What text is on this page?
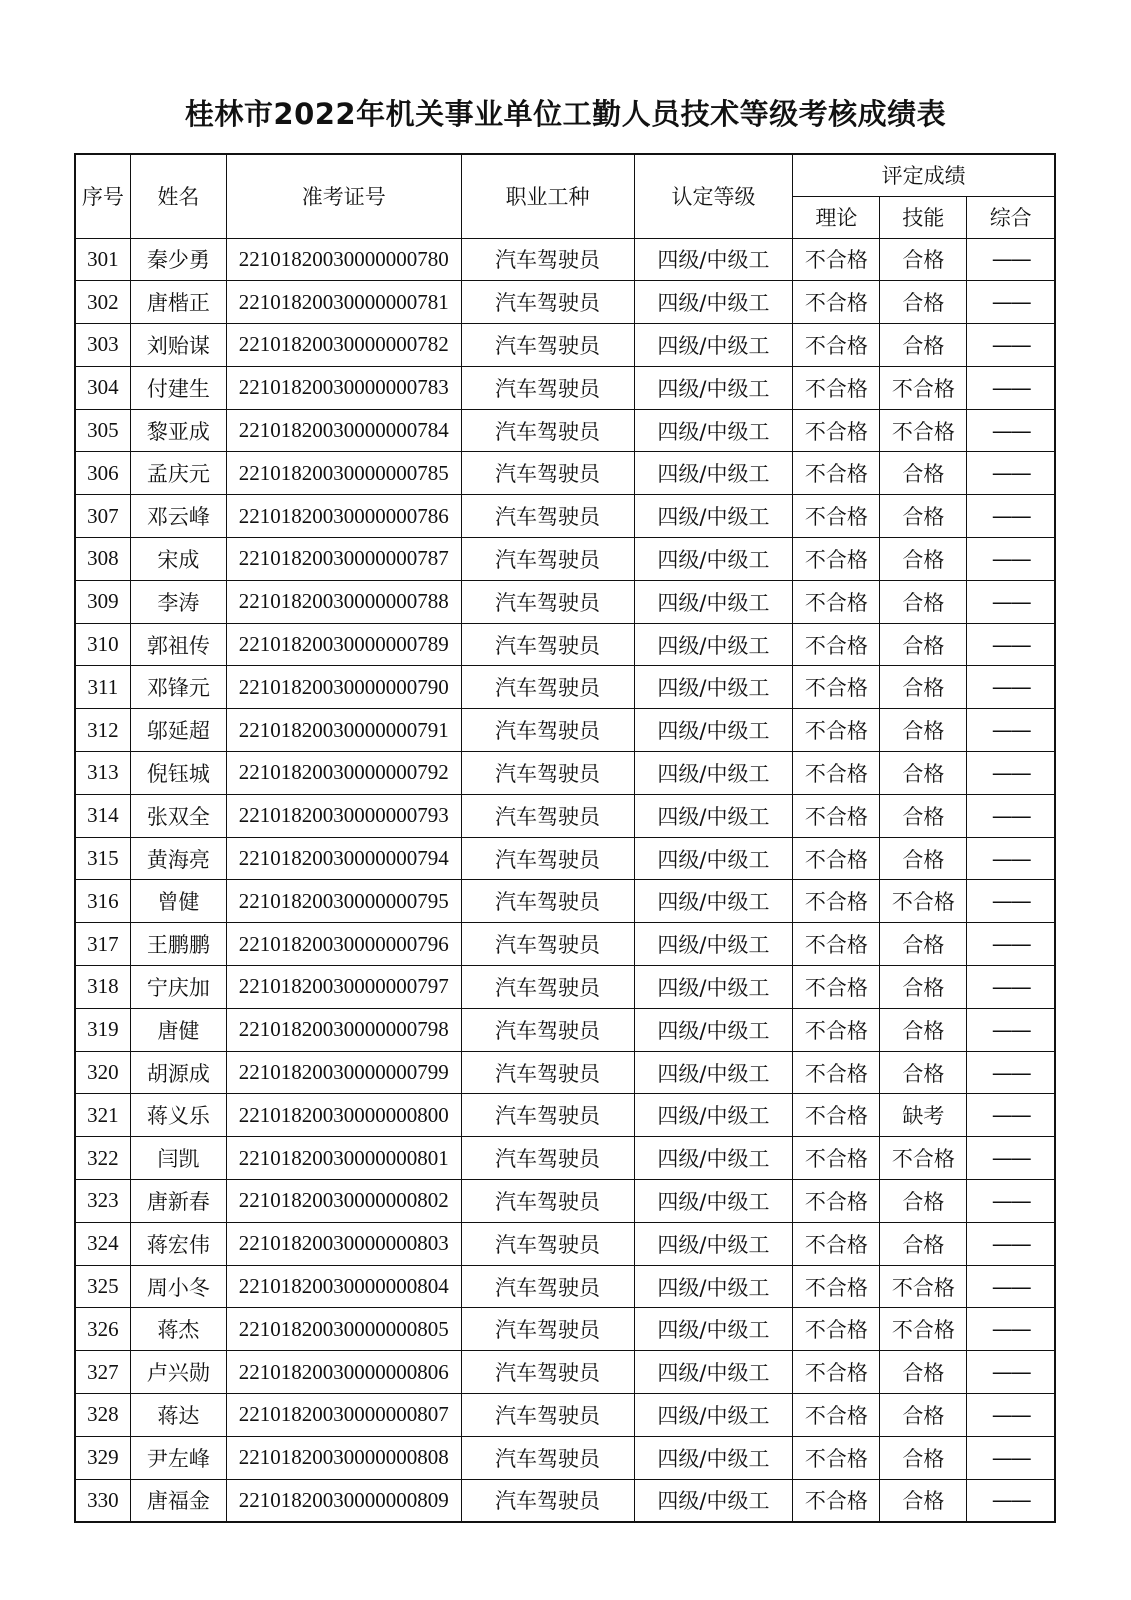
桂林市2022年机关事业单位工勤人员技术等级考核成绩表
序号	姓名	准考证号	职业工种	认定等级	评定成绩		
					理论	技能	综合
301	秦少勇	22101820030000000780	汽车驾驶员	四级/中级工	不合格	合格	——
302	唐楷正	22101820030000000781	汽车驾驶员	四级/中级工	不合格	合格	——
303	刘贻谋	22101820030000000782	汽车驾驶员	四级/中级工	不合格	合格	——
304	付建生	22101820030000000783	汽车驾驶员	四级/中级工	不合格	不合格	——
305	黎亚成	22101820030000000784	汽车驾驶员	四级/中级工	不合格	不合格	——
306	孟庆元	22101820030000000785	汽车驾驶员	四级/中级工	不合格	合格	——
307	邓云峰	22101820030000000786	汽车驾驶员	四级/中级工	不合格	合格	——
308	宋成	22101820030000000787	汽车驾驶员	四级/中级工	不合格	合格	——
309	李涛	22101820030000000788	汽车驾驶员	四级/中级工	不合格	合格	——
310	郭祖传	22101820030000000789	汽车驾驶员	四级/中级工	不合格	合格	——
311	邓锋元	22101820030000000790	汽车驾驶员	四级/中级工	不合格	合格	——
312	邬延超	22101820030000000791	汽车驾驶员	四级/中级工	不合格	合格	——
313	倪钰城	22101820030000000792	汽车驾驶员	四级/中级工	不合格	合格	——
314	张双全	22101820030000000793	汽车驾驶员	四级/中级工	不合格	合格	——
315	黄海亮	22101820030000000794	汽车驾驶员	四级/中级工	不合格	合格	——
316	曾健	22101820030000000795	汽车驾驶员	四级/中级工	不合格	不合格	——
317	王鹏鹏	22101820030000000796	汽车驾驶员	四级/中级工	不合格	合格	——
318	宁庆加	22101820030000000797	汽车驾驶员	四级/中级工	不合格	合格	——
319	唐健	22101820030000000798	汽车驾驶员	四级/中级工	不合格	合格	——
320	胡源成	22101820030000000799	汽车驾驶员	四级/中级工	不合格	合格	——
321	蒋义乐	22101820030000000800	汽车驾驶员	四级/中级工	不合格	缺考	——
322	闫凯	22101820030000000801	汽车驾驶员	四级/中级工	不合格	不合格	——
323	唐新春	22101820030000000802	汽车驾驶员	四级/中级工	不合格	合格	——
324	蒋宏伟	22101820030000000803	汽车驾驶员	四级/中级工	不合格	合格	——
325	周小冬	22101820030000000804	汽车驾驶员	四级/中级工	不合格	不合格	——
326	蒋杰	22101820030000000805	汽车驾驶员	四级/中级工	不合格	不合格	——
327	卢兴勋	22101820030000000806	汽车驾驶员	四级/中级工	不合格	合格	——
328	蒋达	22101820030000000807	汽车驾驶员	四级/中级工	不合格	合格	——
329	尹左峰	22101820030000000808	汽车驾驶员	四级/中级工	不合格	合格	——
330	唐福金	22101820030000000809	汽车驾驶员	四级/中级工	不合格	合格	——
